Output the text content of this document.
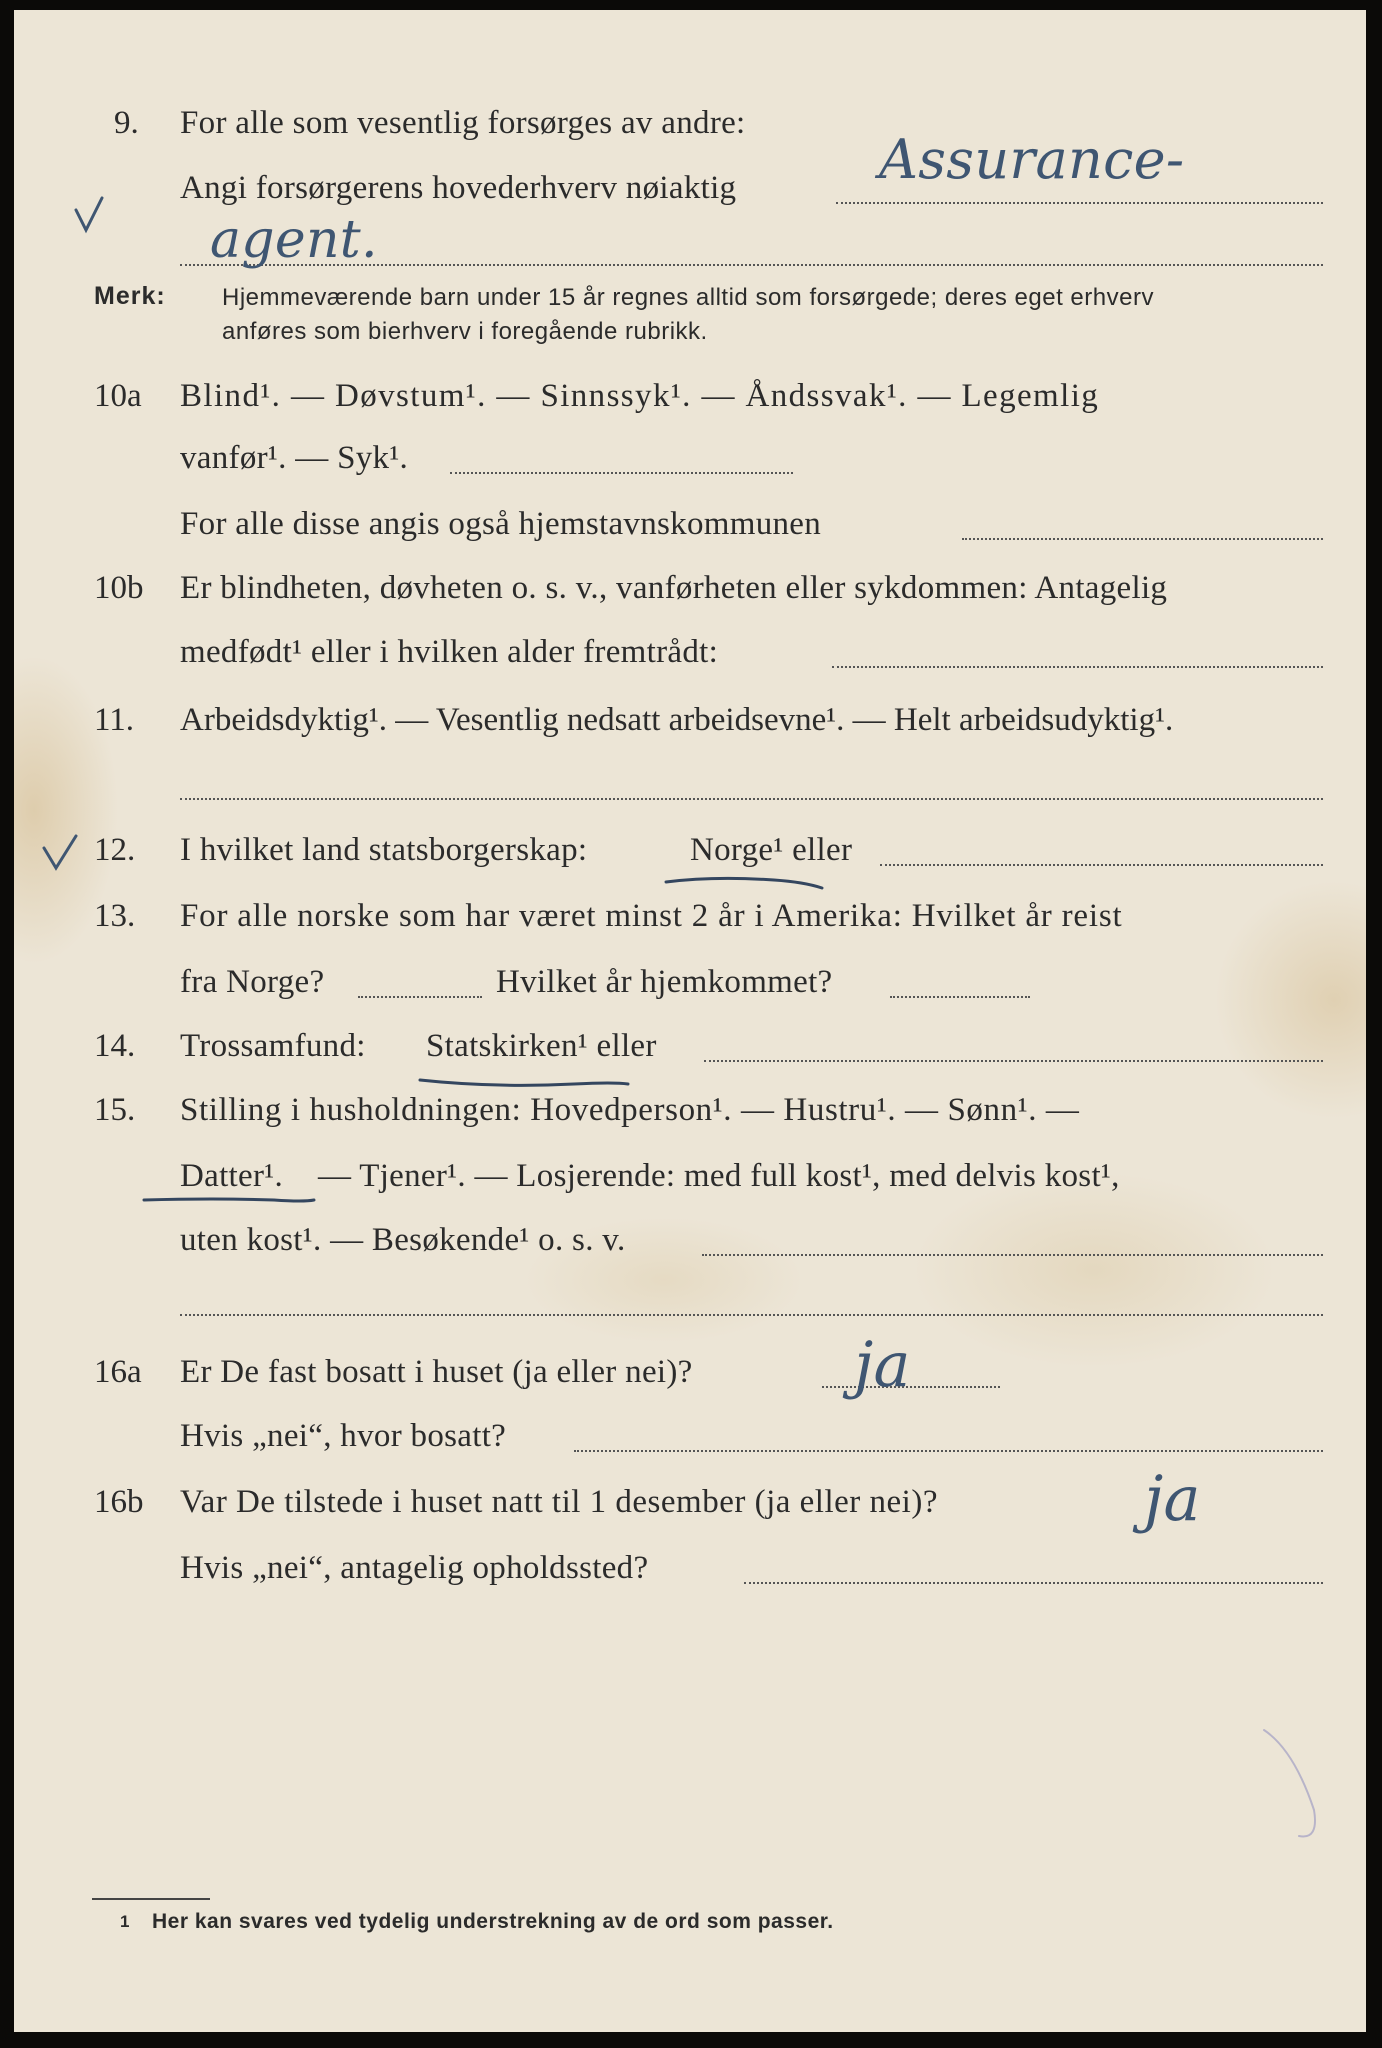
9. For alle som vesentlig forsørges av andre:
Angi forsørgerens hovederhverv nøiaktig	Assurance-
agent.
Merk: Hjemmeværende barn under 15 år regnes alltid som forsørgede; deres eget erhverv
anføres som bierhverv i foregående rubrikk.
10a Blind¹. — Døvstum¹. — Sinnssyk¹. — Åndssvak¹. — Legemlig
vanfør¹. — Syk¹.
For alle disse angis også hjemstavnskommunen
10b Er blindheten, døvheten o. s. v., vanførheten eller sykdommen: Antagelig
medfødt¹ eller i hvilken alder fremtrådt:
11. Arbeidsdyktig¹. — Vesentlig nedsatt arbeidsevne¹. — Helt arbeidsudyktig¹.
12. I hvilket land statsborgerskap:	Norge¹ eller
13. For alle norske som har været minst 2 år i Amerika: Hvilket år reist
fra Norge?	Hvilket år hjemkommet?
14. Trossamfund: Statskirken¹ eller
15. Stilling i husholdningen: Hovedperson¹. — Hustru¹. — Sønn¹. —
Datter¹. — Tjener¹. — Losjerende: med full kost¹, med delvis kost¹,
uten kost¹. — Besøkende¹ o. s. v.
16a Er De fast bosatt i huset (ja eller nei)?	ja
Hvis „nei“, hvor bosatt?
16b Var De tilstede i huset natt til 1 desember (ja eller nei)?	ja
Hvis „nei“, antagelig opholdssted?
1 Her kan svares ved tydelig understrekning av de ord som passer.
